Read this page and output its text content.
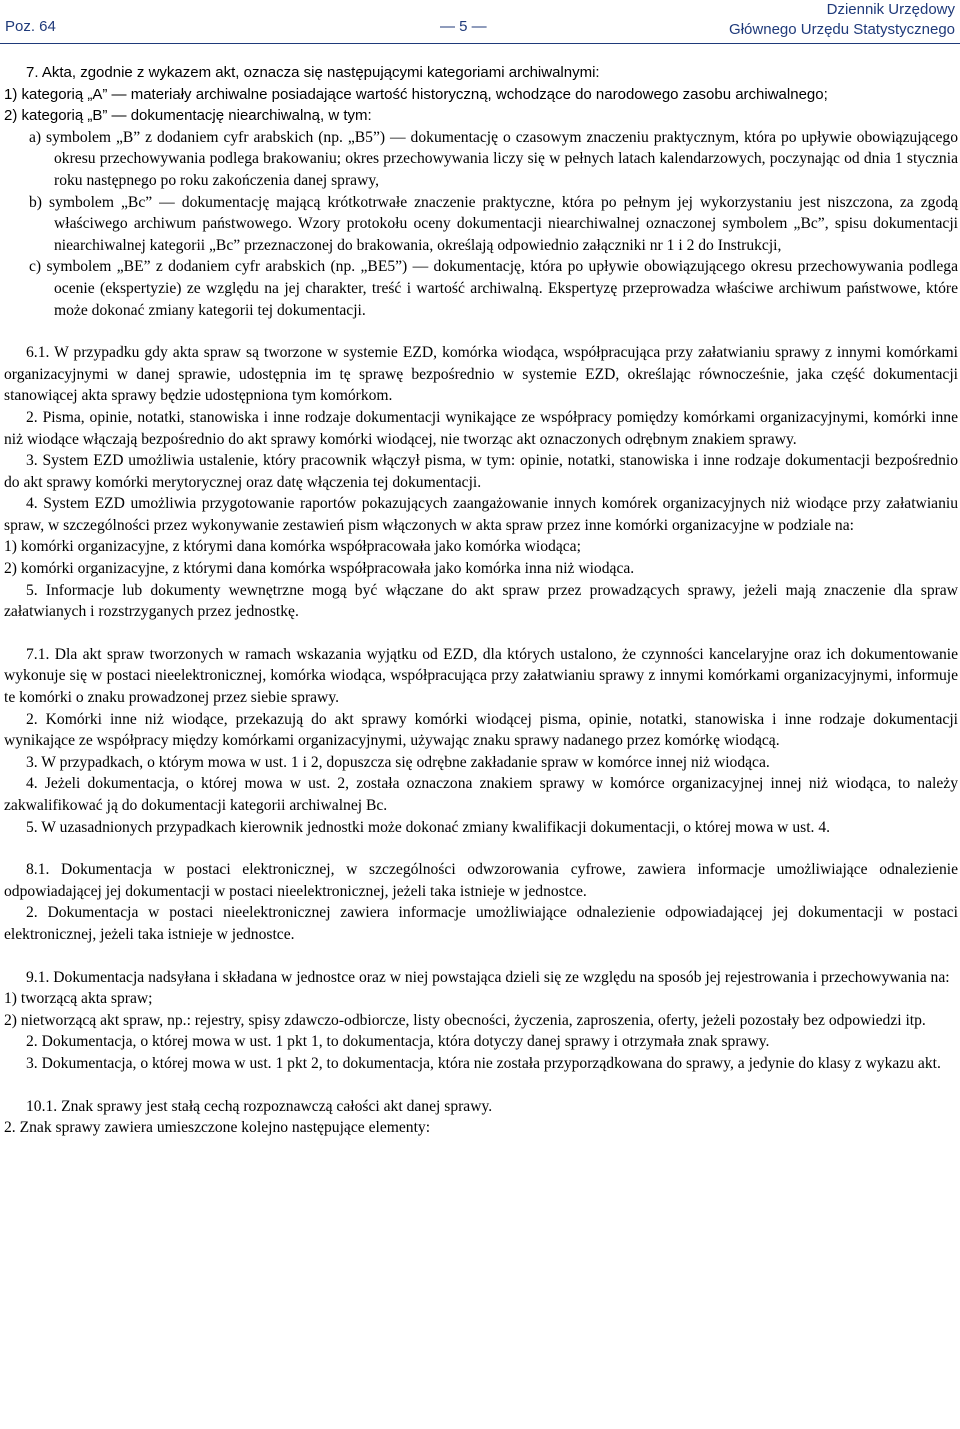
Poz. 64	— 5 —
Dziennik Urzędowy
Głównego Urzędu Statystycznego

7. Akta, zgodnie z wykazem akt, oznacza się następującymi kategoriami archiwalnymi:

1) kategorią „A” — materiały archiwalne posiadające wartość historyczną, wchodzące do narodowego zasobu archiwalnego;

2) kategorią „B” — dokumentację niearchiwalną, w tym:

a) symbolem „B” z dodaniem cyfr arabskich (np. „B5”) — dokumentację o czasowym znaczeniu praktycznym, która po upływie obowiązującego okresu przechowywania podlega brakowaniu; okres przechowywania liczy się w pełnych latach kalendarzowych, poczynając od dnia 1 stycznia roku następnego po roku zakończenia danej sprawy,

b) symbolem „Bc” — dokumentację mającą krótkotrwałe znaczenie praktyczne, która po pełnym jej wykorzystaniu jest niszczona, za zgodą właściwego archiwum państwowego. Wzory protokołu oceny dokumentacji niearchiwalnej oznaczonej symbolem „Bc”, spisu dokumentacji niearchiwalnej kategorii „Bc” przeznaczonej do brakowania, określają odpowiednio załączniki nr 1 i 2 do Instrukcji,

c) symbolem „BE” z dodaniem cyfr arabskich (np. „BE5”) — dokumentację, która po upływie obowiązującego okresu przechowywania podlega ocenie (ekspertyzie) ze względu na jej charakter, treść i wartość archiwalną. Ekspertyzę przeprowadza właściwe archiwum państwowe, które może dokonać zmiany kategorii tej dokumentacji.

6.1. W przypadku gdy akta spraw są tworzone w systemie EZD, komórka wiodąca, współpracująca przy załatwianiu sprawy z innymi komórkami organizacyjnymi w danej sprawie, udostępnia im tę sprawę bezpośrednio w systemie EZD, określając równocześnie, jaka część dokumentacji stanowiącej akta sprawy będzie udostępniona tym komórkom.

2. Pisma, opinie, notatki, stanowiska i inne rodzaje dokumentacji wynikające ze współpracy pomiędzy komórkami organizacyjnymi, komórki inne niż wiodące włączają bezpośrednio do akt sprawy komórki wiodącej, nie tworząc akt oznaczonych odrębnym znakiem sprawy.

3. System EZD umożliwia ustalenie, który pracownik włączył pisma, w tym: opinie, notatki, stanowiska i inne rodzaje dokumentacji bezpośrednio do akt sprawy komórki merytorycznej oraz datę włączenia tej dokumentacji.

4. System EZD umożliwia przygotowanie raportów pokazujących zaangażowanie innych komórek organizacyjnych niż wiodące przy załatwianiu spraw, w szczególności przez wykonywanie zestawień pism włączonych w akta spraw przez inne komórki organizacyjne w podziale na:

1) komórki organizacyjne, z którymi dana komórka współpracowała jako komórka wiodąca;

2) komórki organizacyjne, z którymi dana komórka współpracowała jako komórka inna niż wiodąca.

5. Informacje lub dokumenty wewnętrzne mogą być włączane do akt spraw przez prowadzących sprawy, jeżeli mają znaczenie dla spraw załatwianych i rozstrzyganych przez jednostkę.

7.1. Dla akt spraw tworzonych w ramach wskazania wyjątku od EZD, dla których ustalono, że czynności kancelaryjne oraz ich dokumentowanie wykonuje się w postaci nieelektronicznej, komórka wiodąca, współpracująca przy załatwianiu sprawy z innymi komórkami organizacyjnymi, informuje te komórki o znaku prowadzonej przez siebie sprawy.

2. Komórki inne niż wiodące, przekazują do akt sprawy komórki wiodącej pisma, opinie, notatki, stanowiska i inne rodzaje dokumentacji wynikające ze współpracy między komórkami organizacyjnymi, używając znaku sprawy nadanego przez komórkę wiodącą.

3. W przypadkach, o którym mowa w ust. 1 i 2, dopuszcza się odrębne zakładanie spraw w komórce innej niż wiodąca.

4. Jeżeli dokumentacja, o której mowa w ust. 2, została oznaczona znakiem sprawy w komórce organizacyjnej innej niż wiodąca, to należy zakwalifikować ją do dokumentacji kategorii archiwalnej Bc.

5. W uzasadnionych przypadkach kierownik jednostki może dokonać zmiany kwalifikacji dokumentacji, o której mowa w ust. 4.

8.1. Dokumentacja w postaci elektronicznej, w szczególności odwzorowania cyfrowe, zawiera informacje umożliwiające odnalezienie odpowiadającej jej dokumentacji w postaci nieelektronicznej, jeżeli taka istnieje w jednostce.

2. Dokumentacja w postaci nieelektronicznej zawiera informacje umożliwiające odnalezienie odpowiadającej jej dokumentacji w postaci elektronicznej, jeżeli taka istnieje w jednostce.

9.1. Dokumentacja nadsyłana i składana w jednostce oraz w niej powstająca dzieli się ze względu na sposób jej rejestrowania i przechowywania na:

1) tworzącą akta spraw;

2) nietworzącą akt spraw, np.: rejestry, spisy zdawczo-odbiorcze, listy obecności, życzenia, zaproszenia, oferty, jeżeli pozostały bez odpowiedzi itp.

2. Dokumentacja, o której mowa w ust. 1 pkt 1, to dokumentacja, która dotyczy danej sprawy i otrzymała znak sprawy.

3. Dokumentacja, o której mowa w ust. 1 pkt 2, to dokumentacja, która nie została przyporządkowana do sprawy, a jedynie do klasy z wykazu akt.

10.1. Znak sprawy jest stałą cechą rozpoznawczą całości akt danej sprawy.

2. Znak sprawy zawiera umieszczone kolejno następujące elementy:
